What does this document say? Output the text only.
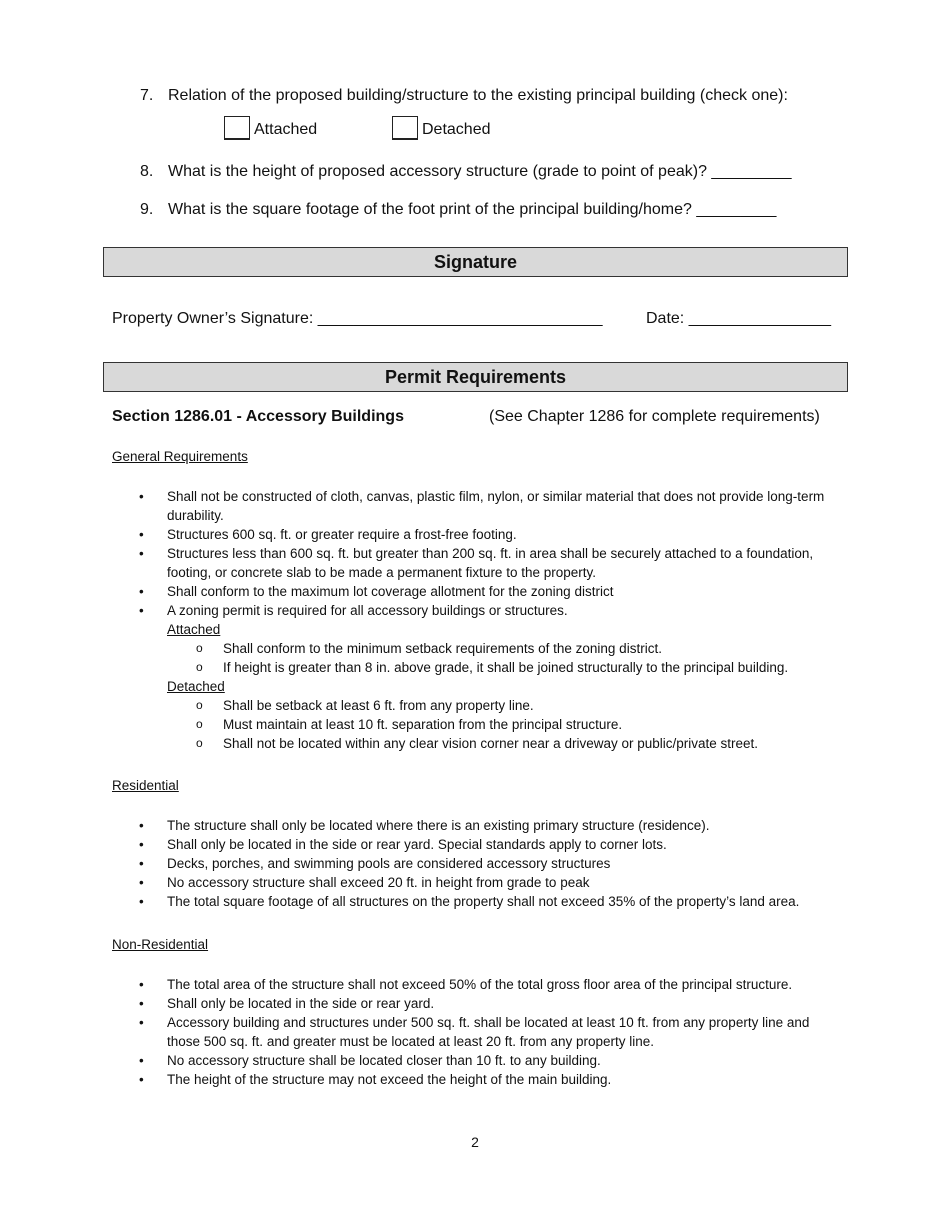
7. Relation of the proposed building/structure to the existing principal building (check one):
Attached	Detached
8. What is the height of proposed accessory structure (grade to point of peak)? _________
9. What is the square footage of the foot print of the principal building/home? _________
Signature
Property Owner’s Signature: ________________________________	Date: ________________
Permit Requirements
Section 1286.01 - Accessory Buildings	(See Chapter 1286 for complete requirements)
General Requirements
• Shall not be constructed of cloth, canvas, plastic film, nylon, or similar material that does not provide long-term durability.
• Structures 600 sq. ft. or greater require a frost-free footing.
• Structures less than 600 sq. ft. but greater than 200 sq. ft. in area shall be securely attached to a foundation, footing, or concrete slab to be made a permanent fixture to the property.
• Shall conform to the maximum lot coverage allotment for the zoning district
• A zoning permit is required for all accessory buildings or structures.
Attached
o Shall conform to the minimum setback requirements of the zoning district.
o If height is greater than 8 in. above grade, it shall be joined structurally to the principal building.
Detached
o Shall be setback at least 6 ft. from any property line.
o Must maintain at least 10 ft. separation from the principal structure.
o Shall not be located within any clear vision corner near a driveway or public/private street.
Residential
• The structure shall only be located where there is an existing primary structure (residence).
• Shall only be located in the side or rear yard. Special standards apply to corner lots.
• Decks, porches, and swimming pools are considered accessory structures
• No accessory structure shall exceed 20 ft. in height from grade to peak
• The total square footage of all structures on the property shall not exceed 35% of the property’s land area.
Non-Residential
• The total area of the structure shall not exceed 50% of the total gross floor area of the principal structure.
• Shall only be located in the side or rear yard.
• Accessory building and structures under 500 sq. ft. shall be located at least 10 ft. from any property line and those 500 sq. ft. and greater must be located at least 20 ft. from any property line.
• No accessory structure shall be located closer than 10 ft. to any building.
• The height of the structure may not exceed the height of the main building.
2
